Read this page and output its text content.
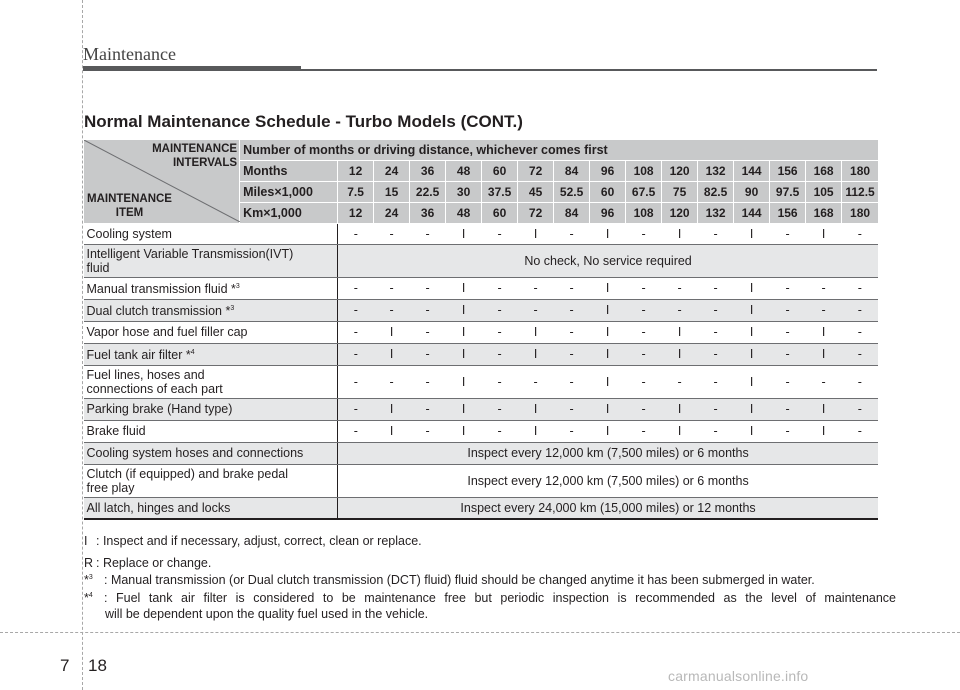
Maintenance
Normal Maintenance Schedule - Turbo Models (CONT.)
MAINTENANCE
INTERVALS
MAINTENANCE
ITEM	Number of months or driving distance, whichever comes first															
	Months	12	24	36	48	60	72	84	96	108	120	132	144	156	168	180
	Miles×1,000	7.5	15	22.5	30	37.5	45	52.5	60	67.5	75	82.5	90	97.5	105	112.5
	Km×1,000	12	24	36	48	60	72	84	96	108	120	132	144	156	168	180

Cooling system		-	-	-	I	-	I	-	I	-	I	-	I	-	I	-

Intelligent Variable Transmission(IVT)
fluid		No check, No service required														

Manual transmission fluid *$^3$		-	-	-	I	-	-	-	I	-	-	-	I	-	-	-

Dual clutch transmission *$^3$		-	-	-	I	-	-	-	I	-	-	-	I	-	-	-

Vapor hose and fuel filler cap		-	I	-	I	-	I	-	I	-	I	-	I	-	I	-

Fuel tank air filter *$^4$		-	I	-	I	-	I	-	I	-	I	-	I	-	I	-

Fuel lines, hoses and
connections of each part		-	-	-	I	-	-	-	I	-	-	-	I	-	-	-

Parking brake (Hand type)		-	I	-	I	-	I	-	I	-	I	-	I	-	I	-

Brake fluid		-	I	-	I	-	I	-	I	-	I	-	I	-	I	-

Cooling system hoses and connections		Inspect every 12,000 km (7,500 miles) or 6 months														

Clutch (if equipped) and brake pedal
free play		Inspect every 12,000 km (7,500 miles) or 6 months														

All latch, hinges and locks		Inspect every 24,000 km (15,000 miles) or 12 months														
I : Inspect and if necessary, adjust, correct, clean or replace.
R : Replace or change.
*$^3$ : Manual transmission (or Dual clutch transmission (DCT) fluid) fluid should be changed anytime it has been submerged in water.
*$^4$ : Fuel tank air filter is considered to be maintenance free but periodic inspection is recommended as the level of maintenance
will be dependent upon the quality fuel used in the vehicle.
7 18
carmanualsonline.info
